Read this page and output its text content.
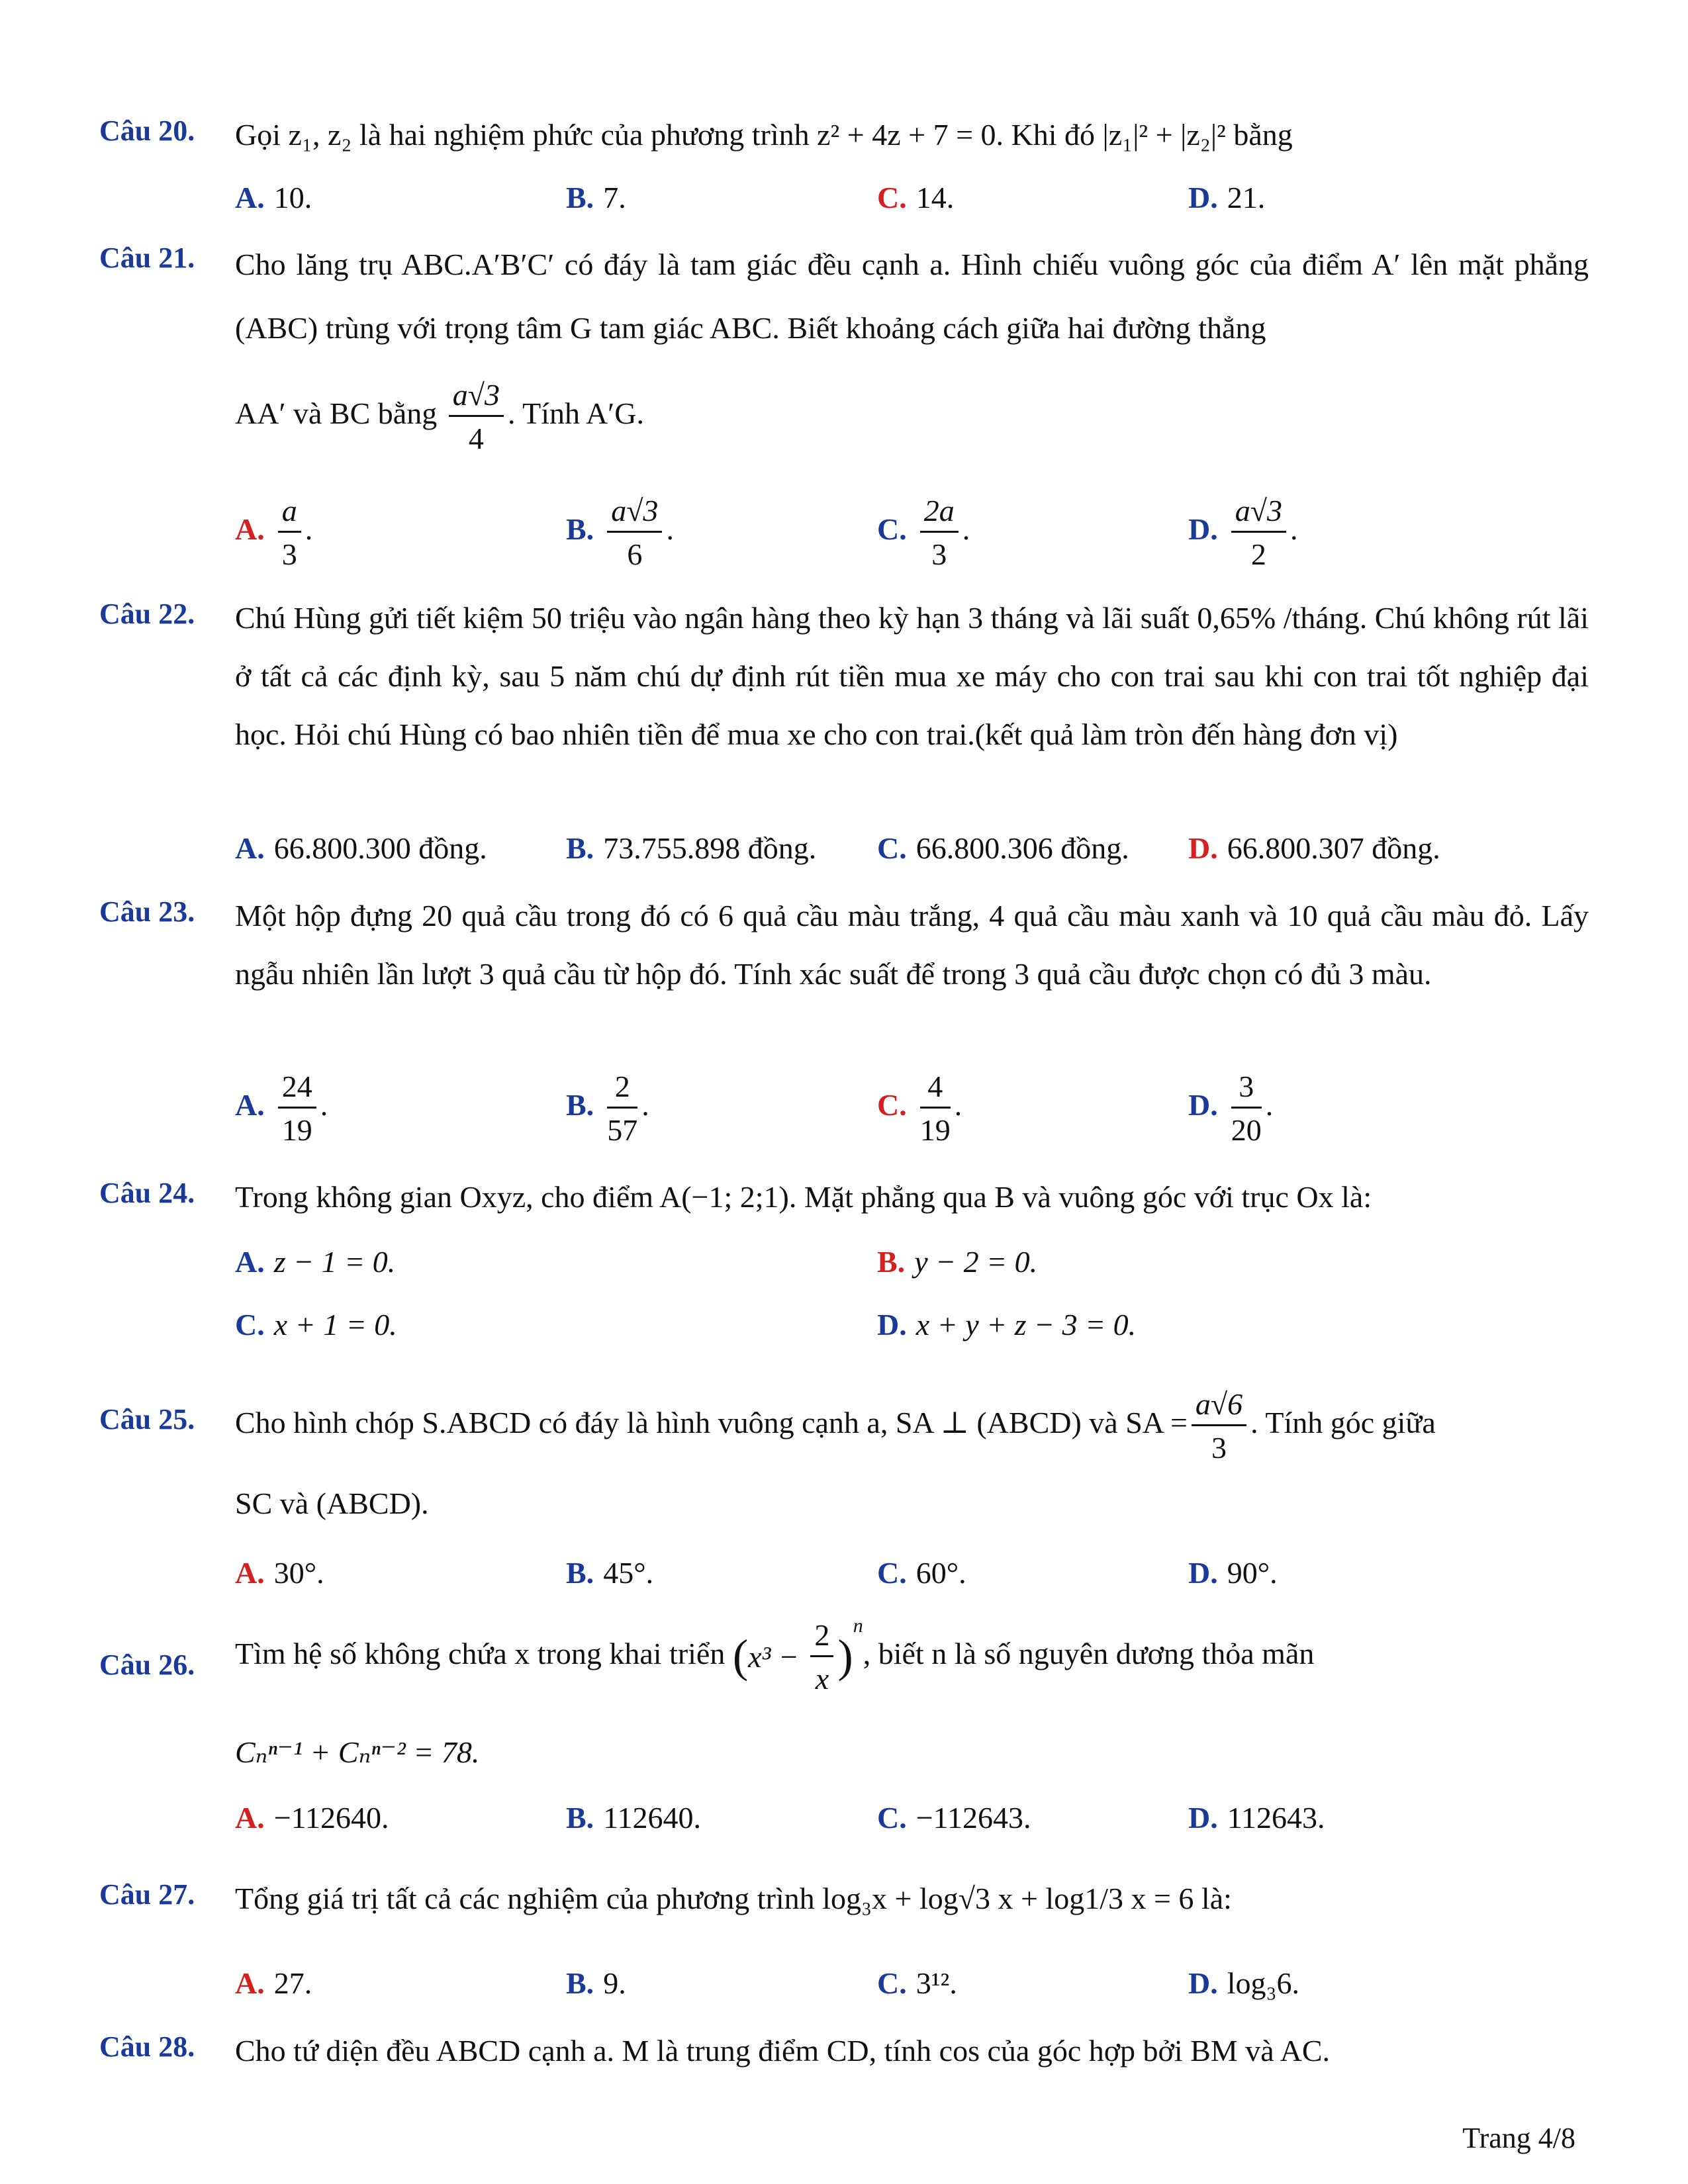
Câu 20. Gọi z₁, z₂ là hai nghiệm phức của phương trình z² + 4z + 7 = 0. Khi đó |z₁|² + |z₂|² bằng
A. 10.	B. 7.	C. 14.	D. 21.
Câu 21. Cho lăng trụ ABC.A′B′C′ có đáy là tam giác đều cạnh a. Hình chiếu vuông góc của điểm A′ lên mặt phẳng (ABC) trùng với trọng tâm G tam giác ABC. Biết khoảng cách giữa hai đường thẳng
AA′ và BC bằng $\frac{a√3}{4}$ . Tính A′G.
A. $\frac{a}{3}$ .	B. $\frac{a√3}{6}$ .	C. $\frac{2a}{3}$ .	D. $\frac{a√3}{2}$ .
Câu 22. Chú Hùng gửi tiết kiệm 50 triệu vào ngân hàng theo kỳ hạn 3 tháng và lãi suất 0,65% /tháng. Chú không rút lãi ở tất cả các định kỳ, sau 5 năm chú dự định rút tiền mua xe máy cho con trai sau khi con trai tốt nghiệp đại học. Hỏi chú Hùng có bao nhiên tiền để mua xe cho con trai.(kết quả làm tròn đến hàng đơn vị)
A. 66.800.300 đồng.	B. 73.755.898 đồng. C. 66.800.306 đồng. D. 66.800.307 đồng.
Câu 23. Một hộp đựng 20 quả cầu trong đó có 6 quả cầu màu trắng, 4 quả cầu màu xanh và 10 quả cầu màu đỏ. Lấy ngẫu nhiên lần lượt 3 quả cầu từ hộp đó. Tính xác suất để trong 3 quả cầu được chọn có đủ 3 màu.
A. $\frac{24}{19}$ .	B. $\frac{2}{57}$ .	C. $\frac{4}{19}$ .	D. $\frac{3}{20}$ .
Câu 24. Trong không gian Oxyz, cho điểm A(−1; 2;1). Mặt phẳng qua B và vuông góc với trục Ox là:
A. z − 1 = 0.	B. y − 2 = 0.
C. x + 1 = 0.	D. x + y + z − 3 = 0.
Câu 25. Cho hình chóp S.ABCD có đáy là hình vuông cạnh a, SA ⊥ (ABCD) và SA = $\frac{a√6}{3}$ . Tính góc giữa
SC và (ABCD).
A. 30°.	B. 45°.	C. 60°.	D. 90°.
Câu 26. Tìm hệ số không chứa x trong khai triển $(x^3 - \frac{2}{x} )^n$, biết n là số nguyên dương thỏa mãn
Cₙⁿ⁻¹ + Cₙⁿ⁻² = 78.
A. −112640.	B. 112640.	C. −112643.	D. 112643.
Câu 27. Tổng giá trị tất cả các nghiệm của phương trình log₃x + log√3 x + log1/3 x = 6 là:
A. 27.	B. 9.	C. 3¹².	D. log₃6.
Câu 28. Cho tứ diện đều ABCD cạnh a. M là trung điểm CD, tính cos của góc hợp bởi BM và AC.
Trang 4/8
